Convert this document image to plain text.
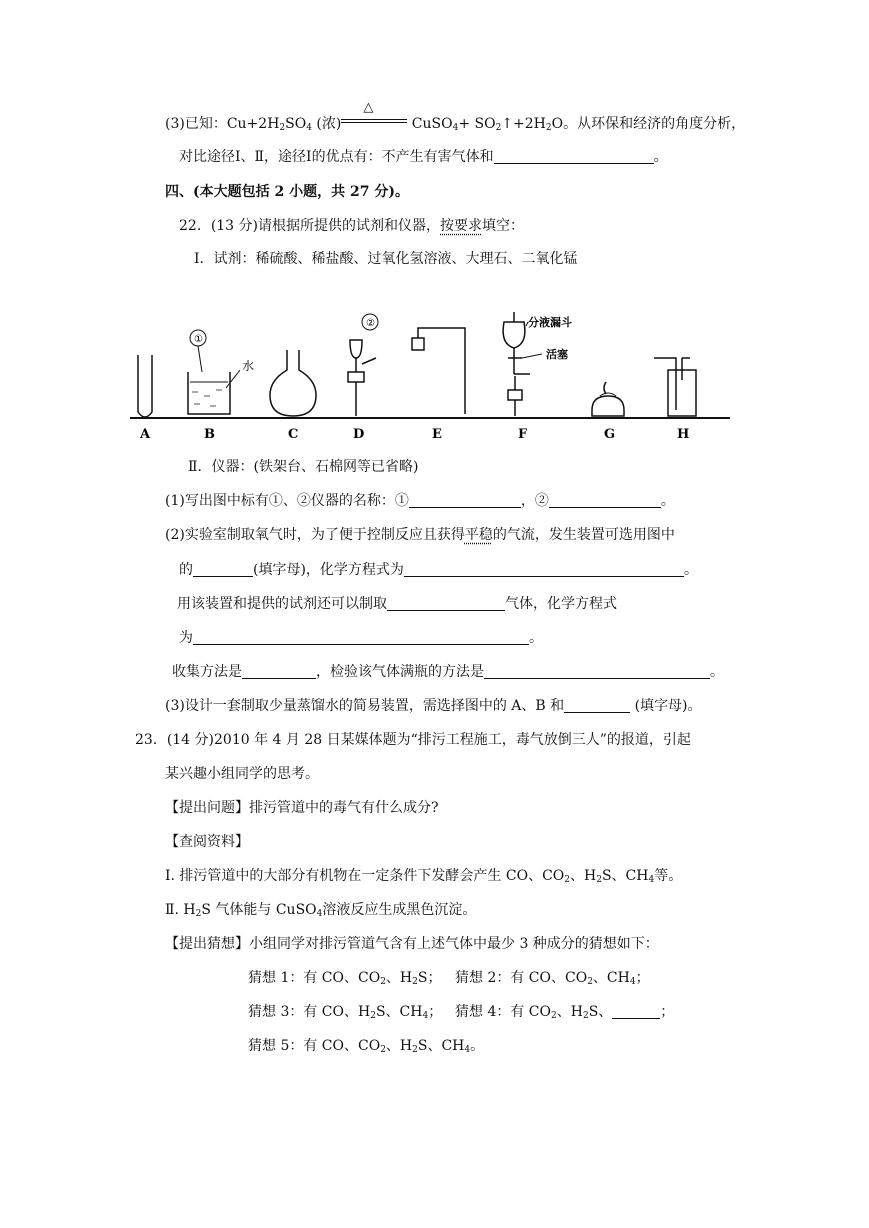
(3)已知：$Cu+2H_2SO_4$ (浓)
△
CuSO$_4$+ $SO_2↑+2H_2O$。从环保和经济的角度分析，
对比途径Ⅰ、Ⅱ，途径Ⅰ的优点有：不产生有害气体和	。
四、(本大题包括 2 小题，共 27 分)。
22．(13 分)请根据所提供的试剂和仪器，按要求填空：
Ⅰ．试剂：稀硫酸、稀盐酸、过氧化氢溶液、大理石、二氧化锰
①
水
②	分液漏斗
活塞
A	B	C	D	E	F	G	H
Ⅱ．仪器：(铁架台、石棉网等已省略)
(1)写出图中标有①、②仪器的名称：①	，②	。
(2)实验室制取氧气时，为了便于控制反应且获得平稳的气流，发生装置可选用图中
的	(填字母)，化学方程式为	。
用该装置和提供的试剂还可以制取	气体，化学方程式
为	。
收集方法是	，检验该气体满瓶的方法是	。
(3)设计一套制取少量蒸馏水的简易装置，需选择图中的 A、B 和	(填字母)。
23．(14 分)2010 年 4 月 28 日某媒体题为“排污工程施工，毒气放倒三人”的报道，引起
某兴趣小组同学的思考。
【提出问题】排污管道中的毒气有什么成分?
【查阅资料】
Ⅰ. 排污管道中的大部分有机物在一定条件下发酵会产生 CO、$CO_2$、$H_2S$、$CH_4$等。
Ⅱ. $H_2S$ 气体能与 CuSO$_4$溶液反应生成黑色沉淀。
【提出猜想】小组同学对排污管道气含有上述气体中最少 3 种成分的猜想如下：
猜想 1：有 CO、$CO_2$、$H_2S$； 猜想 2：有 CO、$CO_2$、$CH_4$；
猜想 3：有 CO、$H_2S$、$CH_4$； 猜想 4：有 $CO_2$、$H_2S$、	；
猜想 5：有 CO、$CO_2$、$H_2S$、$CH_4$。
